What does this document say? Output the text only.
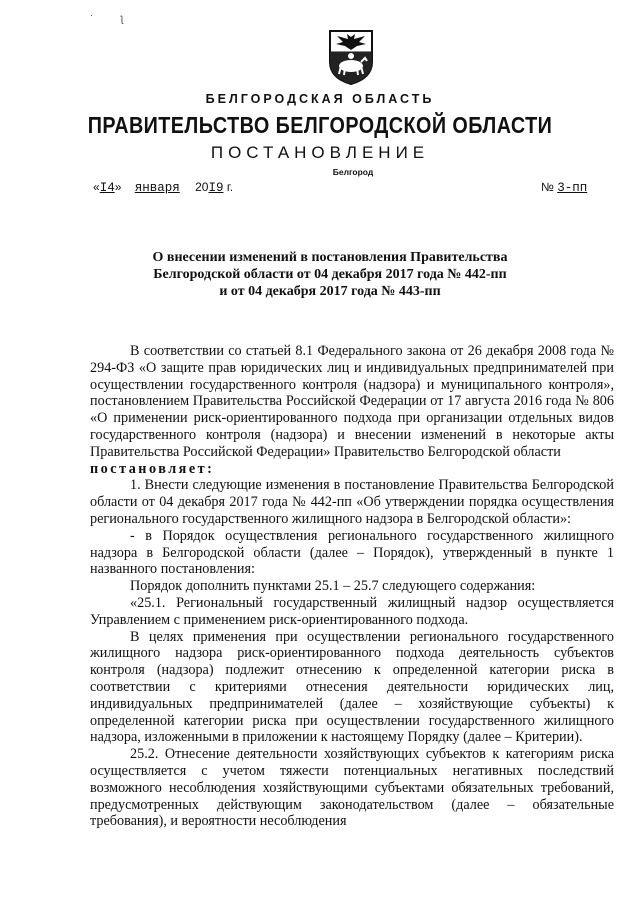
·	ƪ
БЕЛГОРОДСКАЯ ОБЛАСТЬ
ПРАВИТЕЛЬСТВО БЕЛГОРОДСКОЙ ОБЛАСТИ
ПОСТАНОВЛЕНИЕ
Белгород
«I4» января 20I9 г.	№ 3-пп
О внесении изменений в постановления Правительства
Белгородской области от 04 декабря 2017 года № 442-пп
и от 04 декабря 2017 года № 443-пп
В соответствии со статьей 8.1 Федерального закона от 26 декабря 2008 года № 294-ФЗ «О защите прав юридических лиц и индивидуальных предпринимателей при осуществлении государственного контроля (надзора) и муниципального контроля», постановлением Правительства Российской Федерации от 17 августа 2016 года № 806 «О применении риск-ориентированного подхода при организации отдельных видов государственного контроля (надзора) и внесении изменений в некоторые акты Правительства Российской Федерации» Правительство Белгородской области
постановляет:
1. Внести следующие изменения в постановление Правительства Белгородской области от 04 декабря 2017 года № 442-пп «Об утверждении порядка осуществления регионального государственного жилищного надзора в Белгородской области»:
- в Порядок осуществления регионального государственного жилищного надзора в Белгородской области (далее – Порядок), утвержденный в пункте 1 названного постановления:
Порядок дополнить пунктами 25.1 – 25.7 следующего содержания:
«25.1. Региональный государственный жилищный надзор осуществляется Управлением с применением риск-ориентированного подхода.
В целях применения при осуществлении регионального государственного жилищного надзора риск-ориентированного подхода деятельность субъектов контроля (надзора) подлежит отнесению к определенной категории риска в соответствии с критериями отнесения деятельности юридических лиц, индивидуальных предпринимателей (далее – хозяйствующие субъекты) к определенной категории риска при осуществлении государственного жилищного надзора, изложенными в приложении к настоящему Порядку (далее – Критерии).
25.2. Отнесение деятельности хозяйствующих субъектов к категориям риска осуществляется с учетом тяжести потенциальных негативных последствий возможного несоблюдения хозяйствующими субъектами обязательных требований, предусмотренных действующим законодательством (далее – обязательные требования), и вероятности несоблюдения
